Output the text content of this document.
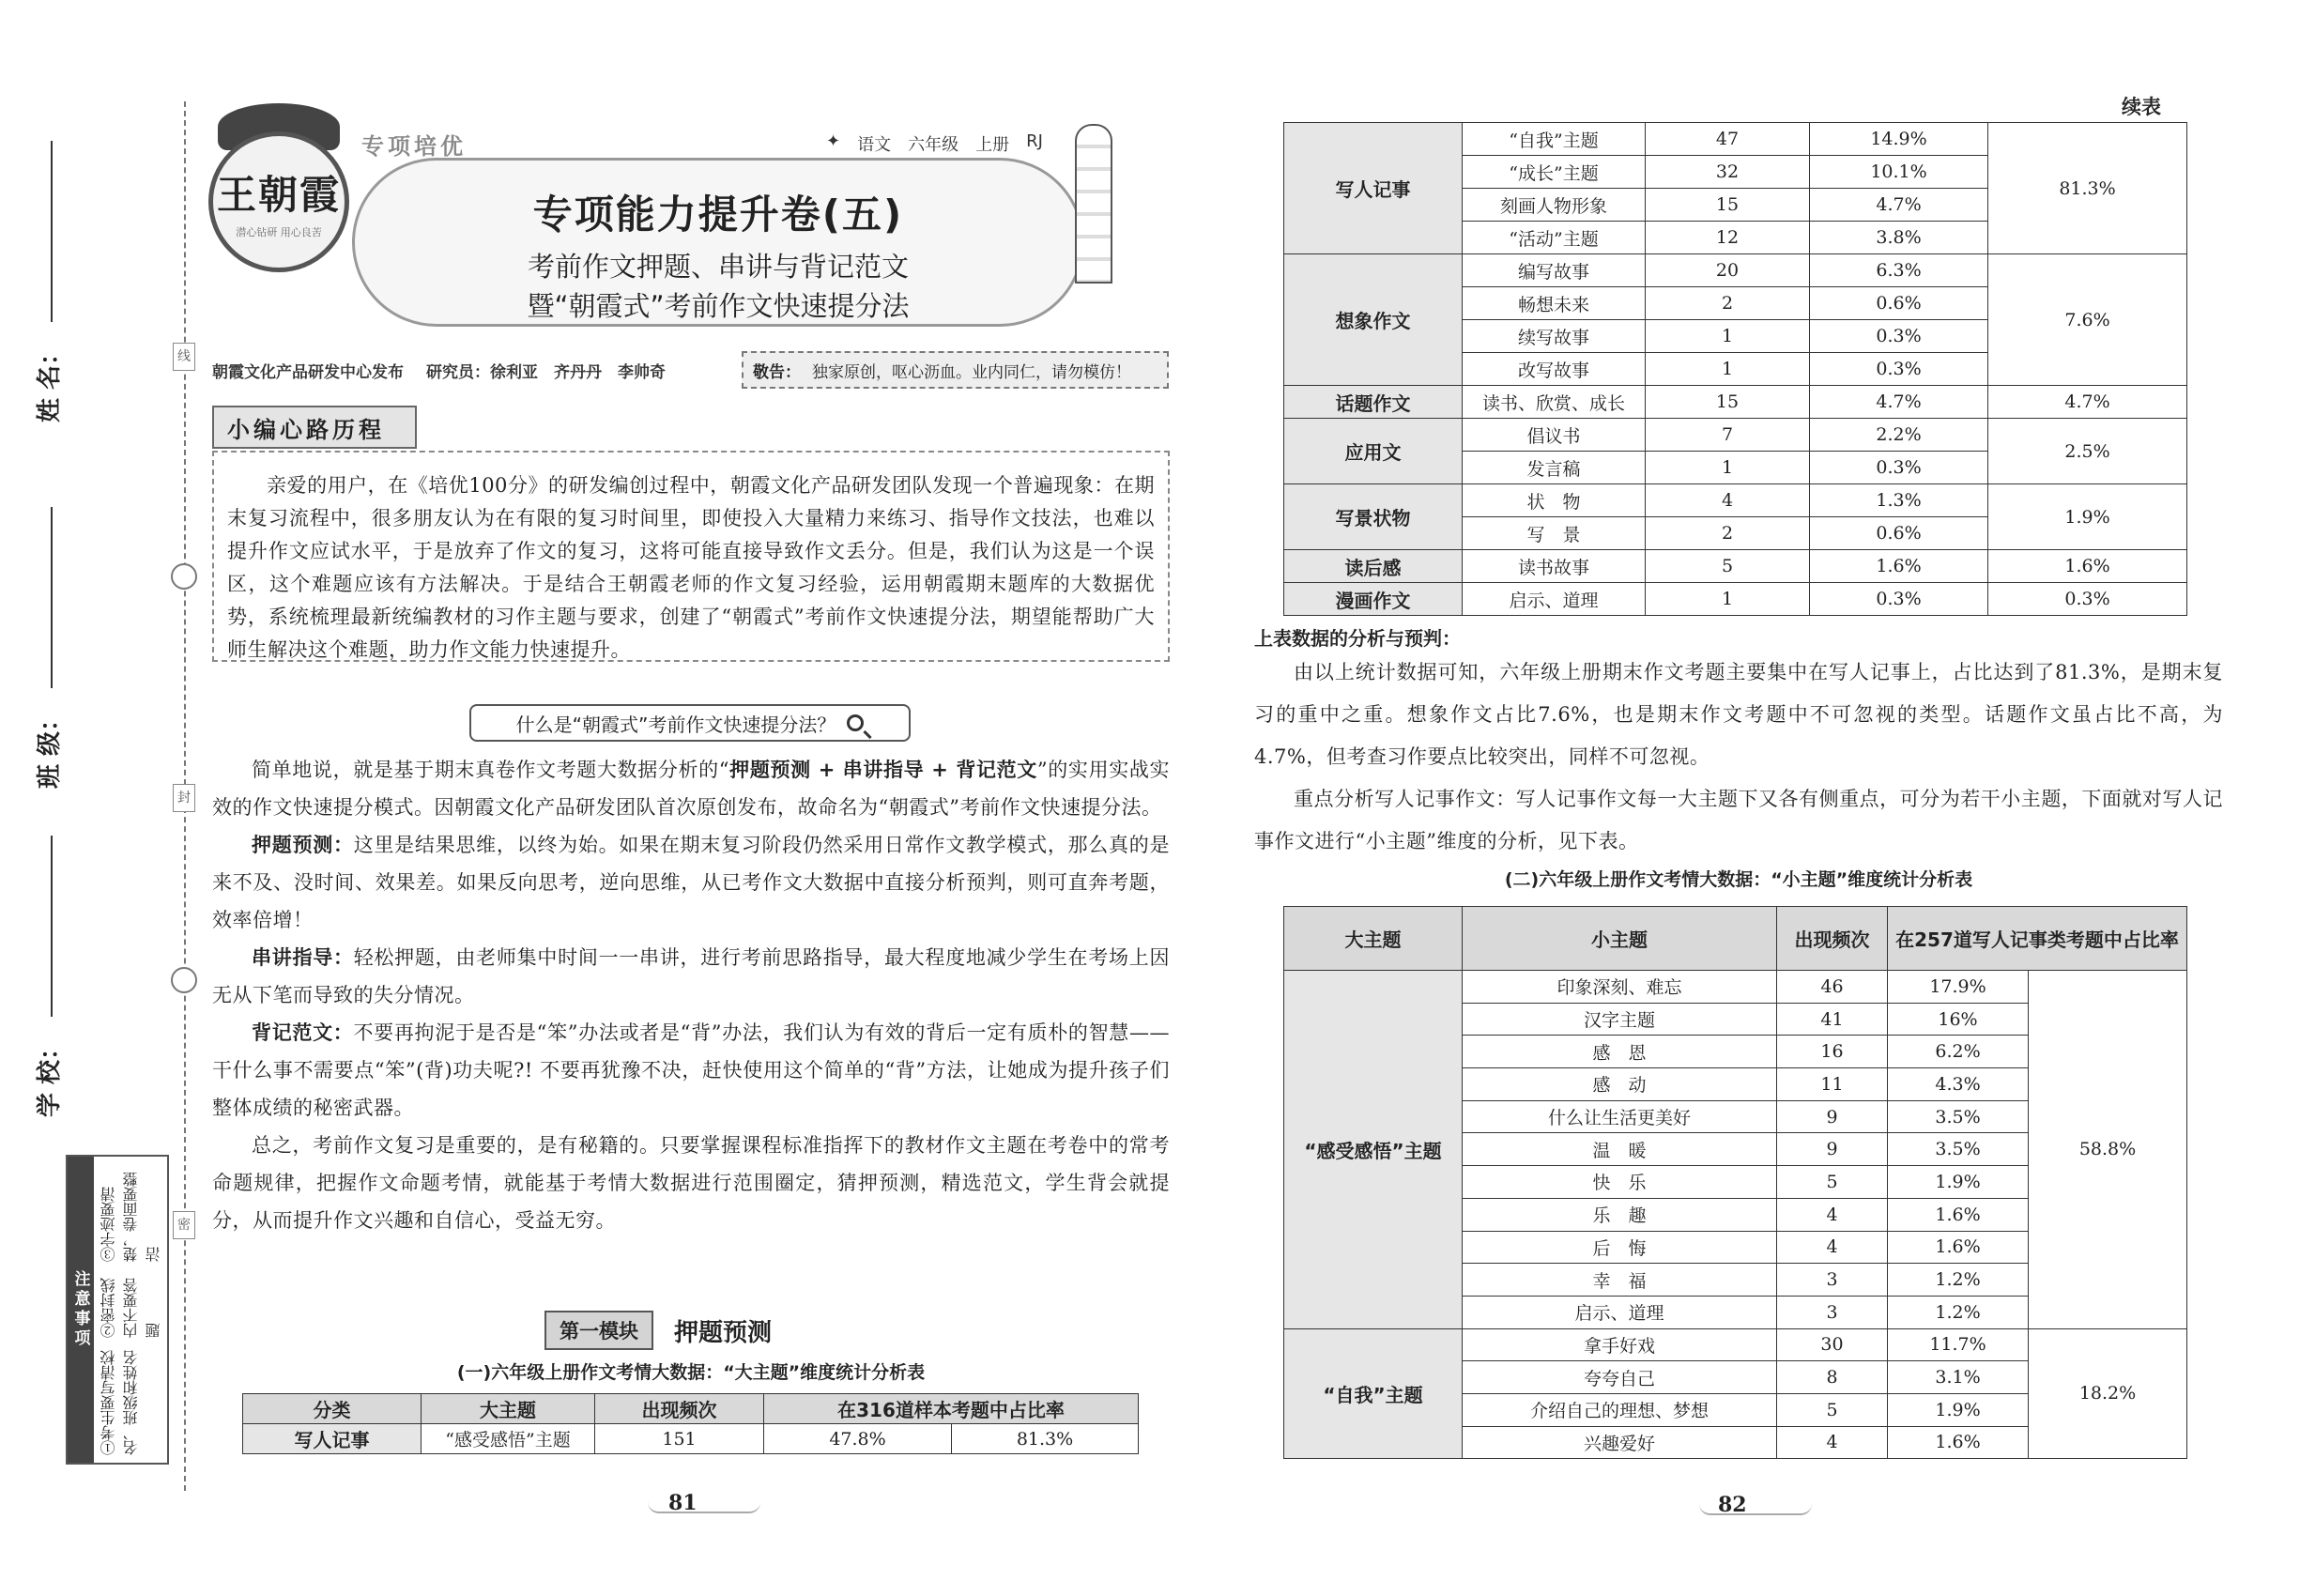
线
封
密
姓 名：
班 级：
学 校：
注意事项
①考生要写清校名、班级和姓名
②密封线内不要答题
③字迹要清楚，卷面要整洁
王朝霞
潜心钻研 用心良苦
专项培优	✦ 语文 六年级 上册 RJ
专项能力提升卷(五)
考前作文押题、串讲与背记范文
暨“朝霞式”考前作文快速提分法
朝霞文化产品研发中心发布 研究员：徐利亚　齐丹丹　李帅奇	敬告： 独家原创，呕心沥血。业内同仁，请勿模仿！
小编心路历程

亲爱的用户，在《培优100分》的研发编创过程中，朝霞文化产品研发团队发现一个普遍现象：在期末复习流程中，很多朋友认为在有限的复习时间里，即使投入大量精力来练习、指导作文技法，也难以提升作文应试水平，于是放弃了作文的复习，这将可能直接导致作文丢分。但是，我们认为这是一个误区，这个难题应该有方法解决。于是结合王朝霞老师的作文复习经验，运用朝霞期末题库的大数据优势，系统梳理最新统编教材的习作主题与要求，创建了“朝霞式”考前作文快速提分法，期望能帮助广大师生解决这个难题，助力作文能力快速提升。

什么是“朝霞式”考前作文快速提分法？

简单地说，就是基于期末真卷作文考题大数据分析的“押题预测 + 串讲指导 + 背记范文”的实用实战实效的作文快速提分模式。因朝霞文化产品研发团队首次原创发布，故命名为“朝霞式”考前作文快速提分法。

押题预测：这里是结果思维，以终为始。如果在期末复习阶段仍然采用日常作文教学模式，那么真的是来不及、没时间、效果差。如果反向思考，逆向思维，从已考作文大数据中直接分析预判，则可直奔考题，效率倍增！

串讲指导：轻松押题，由老师集中时间一一串讲，进行考前思路指导，最大程度地减少学生在考场上因无从下笔而导致的失分情况。

背记范文：不要再拘泥于是否是“笨”办法或者是“背”办法，我们认为有效的背后一定有质朴的智慧——干什么事不需要点“笨”(背)功夫呢?! 不要再犹豫不决，赶快使用这个简单的“背”方法，让她成为提升孩子们整体成绩的秘密武器。

总之，考前作文复习是重要的，是有秘籍的。只要掌握课程标准指挥下的教材作文主题在考卷中的常考命题规律，把握作文命题考情，就能基于考情大数据进行范围圈定，猜押预测，精选范文，学生背会就提分，从而提升作文兴趣和自信心，受益无穷。

第一模块	押题预测
(一)六年级上册作文考情大数据：“大主题”维度统计分析表
分类	大主题	出现频次	在316道样本考题中占比率	
写人记事	“感受感悟”主题	151	47.8%	81.3%
81
续表
写人记事	“自我”主题	47	14.9%	81.3%
	“成长”主题	32	10.1%	
	刻画人物形象	15	4.7%	
	“活动”主题	12	3.8%	
想象作文	编写故事	20	6.3%	7.6%
	畅想未来	2	0.6%	
	续写故事	1	0.3%	
	改写故事	1	0.3%	
话题作文	读书、欣赏、成长	15	4.7%	4.7%
应用文	倡议书	7	2.2%	2.5%
	发言稿	1	0.3%	
写景状物	状　物	4	1.3%	1.9%
	写　景	2	0.6%	
读后感	读书故事	5	1.6%	1.6%
漫画作文	启示、道理	1	0.3%	0.3%
上表数据的分析与预判：

由以上统计数据可知，六年级上册期末作文考题主要集中在写人记事上，占比达到了81.3%，是期末复习的重中之重。想象作文占比7.6%，也是期末作文考题中不可忽视的类型。话题作文虽占比不高，为4.7%，但考查习作要点比较突出，同样不可忽视。

重点分析写人记事作文：写人记事作文每一大主题下又各有侧重点，可分为若干小主题，下面就对写人记事作文进行“小主题”维度的分析，见下表。

(二)六年级上册作文考情大数据：“小主题”维度统计分析表
大主题	小主题	出现频次	在257道写人记事类考题中占比率	
“感受感悟”主题	印象深刻、难忘	46	17.9%	58.8%
	汉字主题	41	16%	
	感　恩	16	6.2%	
	感　动	11	4.3%	
	什么让生活更美好	9	3.5%	
	温　暖	9	3.5%	
	快　乐	5	1.9%	
	乐　趣	4	1.6%	
	后　悔	4	1.6%	
	幸　福	3	1.2%	
	启示、道理	3	1.2%	
“自我”主题	拿手好戏	30	11.7%	18.2%
	夸夸自己	8	3.1%	
	介绍自己的理想、梦想	5	1.9%	
	兴趣爱好	4	1.6%	
82
